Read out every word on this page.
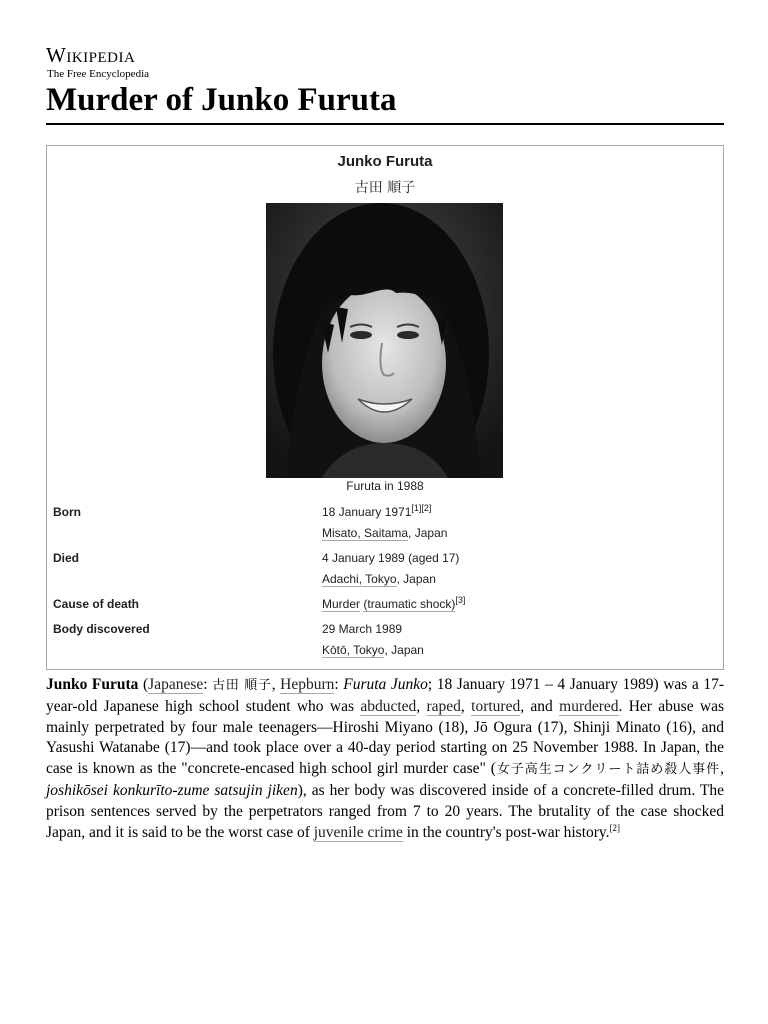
Wikipedia
The Free Encyclopedia
Murder of Junko Furuta
Junko Furuta
古田 順子
Furuta in 1988
Born	18 January 1971[1][2]
Misato, Saitama, Japan
Died	4 January 1989 (aged 17)
Adachi, Tokyo, Japan
Cause of death	Murder (traumatic shock)[3]
Body discovered	29 March 1989
Kōtō, Tokyo, Japan

Junko Furuta (Japanese: 古田 順子, Hepburn: Furuta Junko; 18 January 1971 – 4 January 1989) was a 17-year-old Japanese high school student who was abducted, raped, tortured, and murdered. Her abuse was mainly perpetrated by four male teenagers—Hiroshi Miyano (18), Jō Ogura (17), Shinji Minato (16), and Yasushi Watanabe (17)—and took place over a 40-day period starting on 25 November 1988. In Japan, the case is known as the "concrete-encased high school girl murder case" (女子高生コンクリート詰め殺人事件, joshikōsei konkurīto-zume satsujin jiken), as her body was discovered inside of a concrete-filled drum. The prison sentences served by the perpetrators ranged from 7 to 20 years. The brutality of the case shocked Japan, and it is said to be the worst case of juvenile crime in the country's post-war history.[2]
